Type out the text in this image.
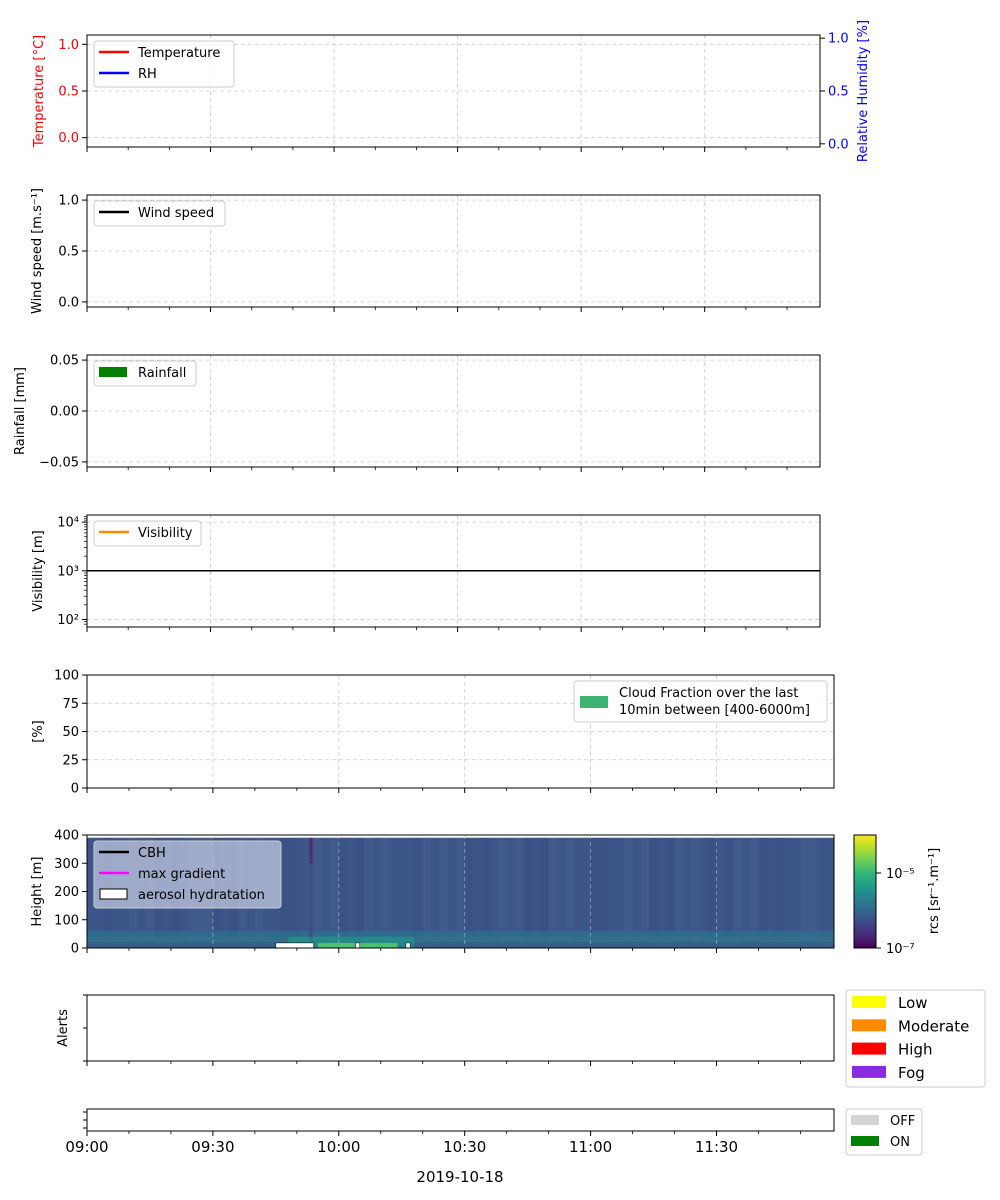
0.0
0.5
1.0
0.0
0.5
1.0
Temperature [°C]	Relative Humidity [%]
Temperature
RH
0.0
0.5
1.0
Wind speed [m.s⁻¹]	Wind speed
−0.05
0.00
0.05
Rainfall [mm]	Rainfall
10²
10³
10⁴
Visibility [m]	Visibility
0
25
50
75
100
[%]
Cloud Fraction over the last
10min between [400-6000m]
0
100
200
300
400
Height [m]
CBH
max gradient
aerosol hydratation
10⁻⁷
10⁻⁵ rcs [sr⁻¹.m⁻¹]
Alerts
Low
Moderate
High
Fog
09:00	09:30	10:00	10:30	11:00	11:30
OFF
ON
2019-10-18
